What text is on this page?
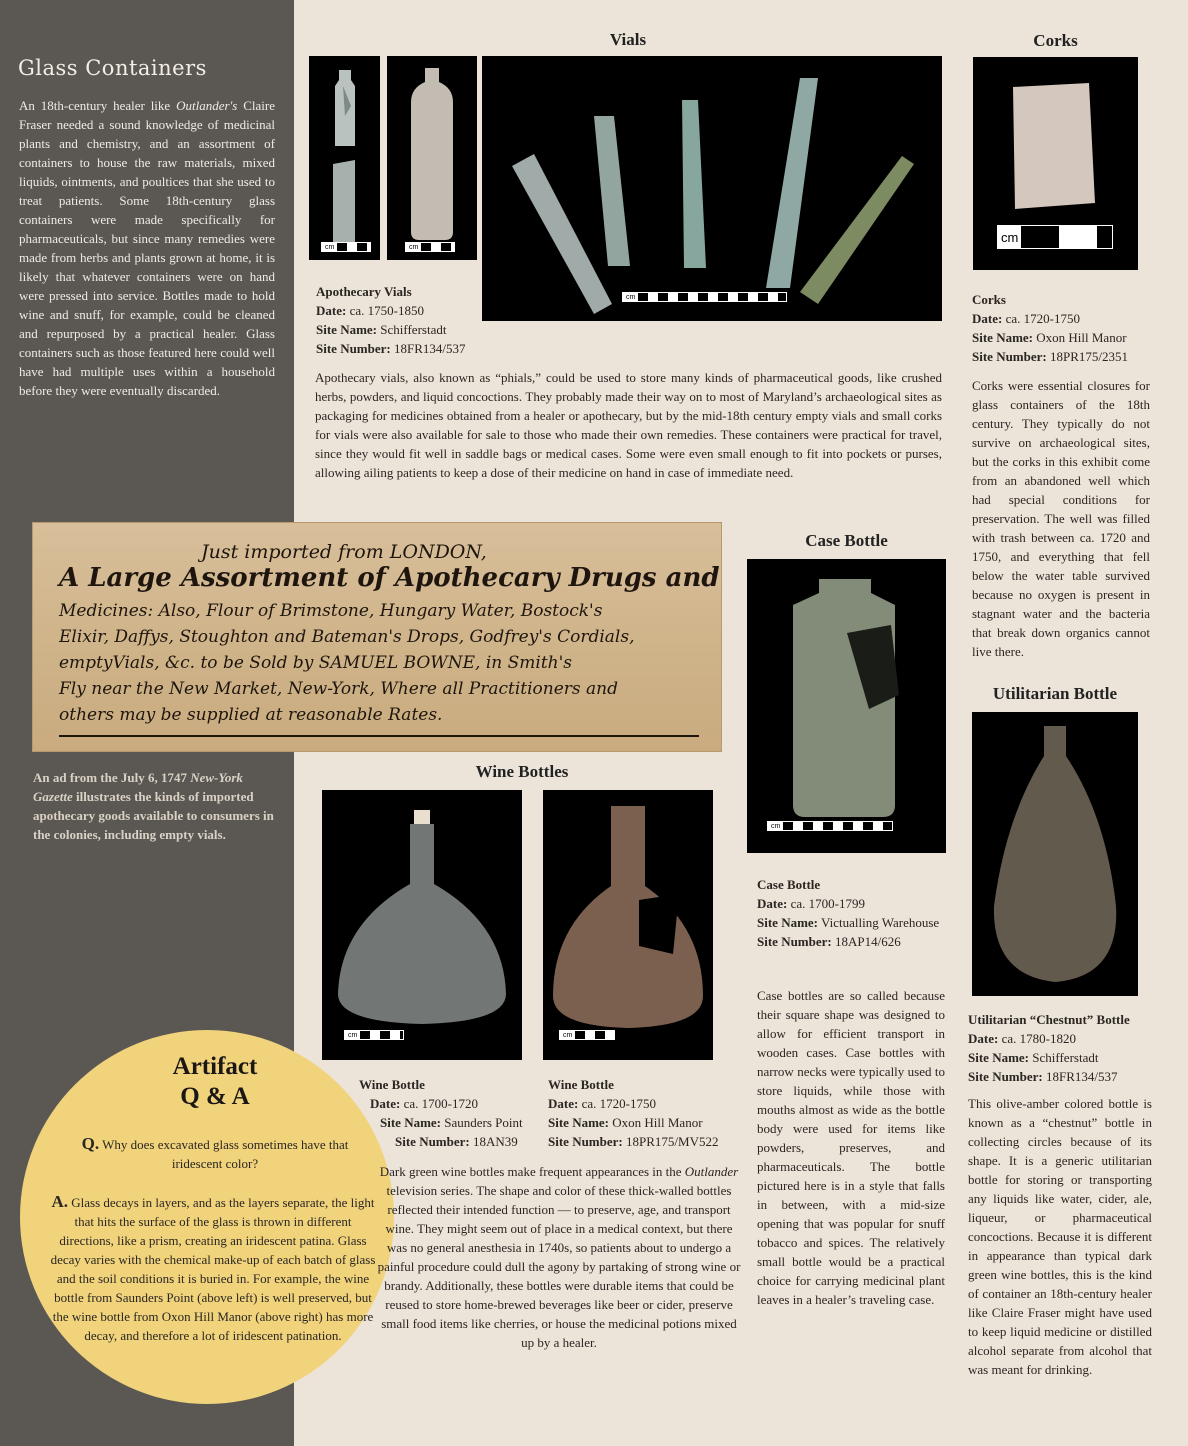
Glass Containers
An 18th-century healer like Outlander's Claire Fraser needed a sound knowledge of medicinal plants and chemistry, and an assortment of containers to house the raw materials, mixed liquids, ointments, and poultices that she used to treat patients. Some 18th-century glass containers were made specifically for pharmaceuticals, but since many remedies were made from herbs and plants grown at home, it is likely that whatever containers were on hand were pressed into service. Bottles made to hold wine and snuff, for example, could be cleaned and repurposed by a practical healer. Glass containers such as those featured here could well have had multiple uses within a household before they were eventually discarded.
Vials
cm	cm
cm
Apothecary Vials
Date: ca. 1750-1850
Site Name: Schifferstadt
Site Number: 18FR134/537
Apothecary vials, also known as “phials,” could be used to store many kinds of pharmaceutical goods, like crushed herbs, powders, and liquid concoctions. They probably made their way on to most of Maryland’s archaeological sites as packaging for medicines obtained from a healer or apothecary, but by the mid-18th century empty vials and small corks for vials were also available for sale to those who made their own remedies. These containers were practical for travel, since they would fit well in saddle bags or medical cases. Some were even small enough to fit into pockets or purses, allowing ailing patients to keep a dose of their medicine on hand in case of immediate need.
Corks
cm
Corks
Date: ca. 1720-1750
Site Name: Oxon Hill Manor
Site Number: 18PR175/2351
Corks were essential closures for glass containers of the 18th century. They typically do not survive on archaeological sites, but the corks in this exhibit come from an abandoned well which had special conditions for preservation. The well was filled with trash between ca. 1720 and 1750, and everything that fell below the water table survived because no oxygen is present in stagnant water and the bacteria that break down organics cannot live there.
Just imported from LONDON,
A Large Assortment of Apothecary Drugs and
Medicines: Also, Flour of Brimstone, Hungary Water, Bostock's
Elixir, Daffys, Stoughton and Bateman's Drops, Godfrey's Cordials,
emptyVials, &c. to be Sold by SAMUEL BOWNE, in Smith's
Fly near the New Market, New-York, Where all Practitioners and
others may be supplied at reasonable Rates.
An ad from the July 6, 1747 New-York Gazette illustrates the kinds of imported apothecary goods available to consumers in the colonies, including empty vials.
Case Bottle
cm
Case Bottle
Date: ca. 1700-1799
Site Name: Victualling Warehouse
Site Number: 18AP14/626
Case bottles are so called because their square shape was designed to allow for efficient transport in wooden cases. Case bottles with narrow necks were typically used to store liquids, while those with mouths almost as wide as the bottle body were used for items like powders, preserves, and pharmaceuticals. The bottle pictured here is in a style that falls in between, with a mid-size opening that was popular for snuff tobacco and spices. The relatively small bottle would be a practical choice for carrying medicinal plant leaves in a healer’s traveling case.
Utilitarian Bottle
Utilitarian “Chestnut” Bottle
Date: ca. 1780-1820
Site Name: Schifferstadt
Site Number: 18FR134/537
This olive-amber colored bottle is known as a “chestnut” bottle in collecting circles because of its shape. It is a generic utilitarian bottle for storing or transporting any liquids like water, cider, ale, liqueur, or pharmaceutical concoctions. Because it is different in appearance than typical dark green wine bottles, this is the kind of container an 18th-century healer like Claire Fraser might have used to keep liquid medicine or distilled alcohol separate from alcohol that was meant for drinking.
Wine Bottles
cm	cm
Wine Bottle
Date: ca. 1700-1720
Site Name: Saunders Point
Site Number: 18AN39
Wine Bottle
Date: ca. 1720-1750
Site Name: Oxon Hill Manor
Site Number: 18PR175/MV522
Artifact
Q & A
Q. Why does excavated glass sometimes have that iridescent color?
A. Glass decays in layers, and as the layers separate, the light that hits the surface of the glass is thrown in different directions, like a prism, creating an iridescent patina. Glass decay varies with the chemical make-up of each batch of glass and the soil conditions it is buried in. For example, the wine bottle from Saunders Point (above left) is well preserved, but the wine bottle from Oxon Hill Manor (above right) has more decay, and therefore a lot of iridescent patination.
Dark green wine bottles make frequent appearances in the Outlander television series. The shape and color of these thick-walled bottles reflected their intended function — to preserve, age, and transport wine. They might seem out of place in a medical context, but there was no general anesthesia in 1740s, so patients about to undergo a painful procedure could dull the agony by partaking of strong wine or brandy. Additionally, these bottles were durable items that could be reused to store home-brewed beverages like beer or cider, preserve small food items like cherries, or house the medicinal potions mixed up by a healer.
